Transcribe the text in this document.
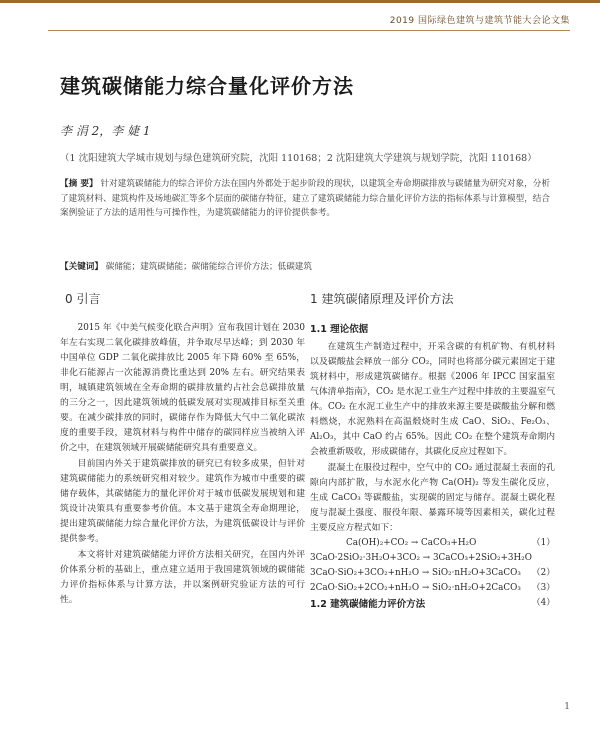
2019 国际绿色建筑与建筑节能大会论文集
建筑碳储能力综合量化评价方法
李 涓 2，李 婕 1
（1 沈阳建筑大学城市规划与绿色建筑研究院，沈阳 110168；2 沈阳建筑大学建筑与规划学院，沈阳 110168）
【摘 要】 针对建筑碳储能力的综合评价方法在国内外都处于起步阶段的现状，以建筑全寿命期碳排放与碳储量为研究对象，分析了建筑材料、建筑构件及场地碳汇等多个层面的碳储存特征，建立了建筑碳储能力综合量化评价方法的指标体系与计算模型，结合案例验证了方法的适用性与可操作性，为建筑碳储能力的评价提供参考。
【关键词】 碳储能；建筑碳储能；碳储能综合评价方法；低碳建筑
0 引言

2015 年《中美气候变化联合声明》宣布我国计划在 2030 年左右实现二氧化碳排放峰值，并争取尽早达峰；到 2030 年中国单位 GDP 二氧化碳排放比 2005 年下降 60% 至 65%，非化石能源占一次能源消费比重达到 20% 左右。研究结果表明，城镇建筑领域在全寿命期的碳排放量约占社会总碳排放量的三分之一，因此建筑领域的低碳发展对实现减排目标至关重要。在减少碳排放的同时，碳储存作为降低大气中二氧化碳浓度的重要手段，建筑材料与构件中储存的碳同样应当被纳入评价之中，在建筑领域开展碳储能研究具有重要意义。

目前国内外关于建筑碳排放的研究已有较多成果，但针对建筑碳储能力的系统研究相对较少。建筑作为城市中重要的碳储存载体，其碳储能力的量化评价对于城市低碳发展规划和建筑设计决策具有重要参考价值。本文基于建筑全寿命期理论，提出建筑碳储能力综合量化评价方法，为建筑低碳设计与评价提供参考。

本文将针对建筑碳储能力评价方法相关研究，在国内外评价体系分析的基础上，重点建立适用于我国建筑领域的碳储能力评价指标体系与计算方法，并以案例研究验证方法的可行性。

1 建筑碳储原理及评价方法
1.1 理论依据

在建筑生产制造过程中，开采含碳的有机矿物、有机材料以及碳酸盐会释放一部分 CO₂，同时也将部分碳元素固定于建筑材料中，形成建筑碳储存。根据《2006 年 IPCC 国家温室气体清单指南》，CO₂ 是水泥工业生产过程中排放的主要温室气体。CO₂ 在水泥工业生产中的排放来源主要是碳酸盐分解和燃料燃烧，水泥熟料在高温煅烧时生成 CaO、SiO₂、Fe₂O₃、Al₂O₃，其中 CaO 约占 65%。因此 CO₂ 在整个建筑寿命期内会被重新吸收，形成碳储存，其碳化反应过程如下。

混凝土在服役过程中，空气中的 CO₂ 通过混凝土表面的孔隙向内部扩散，与水泥水化产物 Ca(OH)₂ 等发生碳化反应，生成 CaCO₃ 等碳酸盐，实现碳的固定与储存。混凝土碳化程度与混凝土强度、服役年限、暴露环境等因素相关，碳化过程主要反应方程式如下：

Ca(OH)₂+CO₂ → CaCO₃+H₂O	（1）

3CaO·2SiO₂·3H₂O+3CO₂ → 3CaCO₃+2SiO₂+3H₂O
（2）

3CaO·SiO₂+3CO₂+nH₂O → SiO₂·nH₂O+3CaCO₃
（3）

2CaO·SiO₂+2CO₂+nH₂O → SiO₂·nH₂O+2CaCO₃
（4）

1.2 建筑碳储能力评价方法
1
